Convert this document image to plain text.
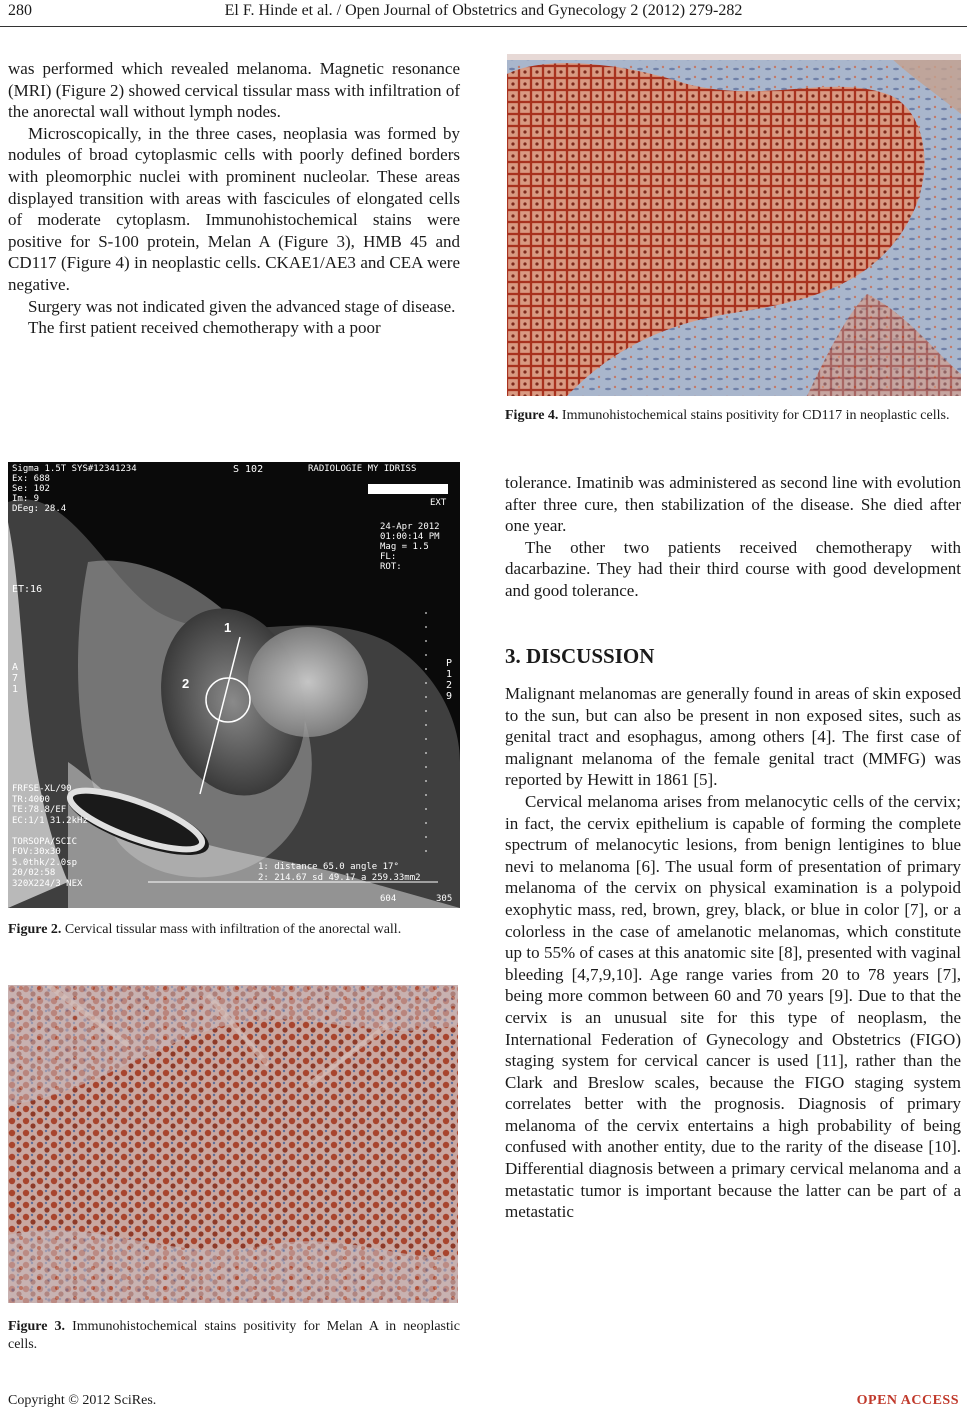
El F. Hinde et al. / Open Journal of Obstetrics and Gynecology 2 (2012) 279-282
280

was performed which revealed melanoma. Magnetic resonance (MRI) (Figure 2) showed cervical tissular mass with infiltration of the anorectal wall without lymph nodes.

Microscopically, in the three cases, neoplasia was formed by nodules of broad cytoplasmic cells with poorly defined borders with pleomorphic nuclei with prominent nucleolar. These areas displayed transition with areas with fascicules of elongated cells of moderate cytoplasm. Immunohistochemical stains were positive for S-100 protein, Melan A (Figure 3), HMB 45 and CD117 (Figure 4) in neoplastic cells. CKAE1/AE3 and CEA were negative.

Surgery was not indicated given the advanced stage of disease.

The first patient received chemotherapy with a poor

Sigma 1.5T SYS#12341234
Ex: 688
Se: 102
Im: 9
DEeg: 28.4
S 102	RADIOLOGIE MY IDRISS
EXT
24-Apr 2012
01:00:14 PM
Mag = 1.5
FL:
ROT:
ET:16
1
2
A
71
P
129
FRFSE-XL/90
TR:4000
TE:78.8/EF
EC:1/1 31.2kHz

TORSOPA/SCIC
FOV:30x30
5.0thk/2.0sp
20/02:58
320X224/3 NEX
1: distance 65.0 angle 17°
2: 214.67 sd 49.17 a 259.33mm2
604	305
Figure 2. Cervical tissular mass with infiltration of the anorectal wall.
Figure 3. Immunohistochemical stains positivity for Melan A in neoplastic cells.
Figure 4. Immunohistochemical stains positivity for CD117 in neoplastic cells.

tolerance. Imatinib was administered as second line with evolution after three cure, then stabilization of the disease. She died after one year.

The other two patients received chemotherapy with dacarbazine. They had their third course with good development and good tolerance.

3. DISCUSSION

Malignant melanomas are generally found in areas of skin exposed to the sun, but can also be present in non exposed sites, such as genital tract and esophagus, among others [4]. The first case of malignant melanoma of the female genital tract (MMFG) was reported by Hewitt in 1861 [5].

Cervical melanoma arises from melanocytic cells of the cervix; in fact, the cervix epithelium is capable of forming the complete spectrum of melanocytic lesions, from benign lentigines to blue nevi to melanoma [6]. The usual form of presentation of primary melanoma of the cervix on physical examination is a polypoid exophytic mass, red, brown, grey, black, or blue in color [7], or a colorless in the case of amelanotic melanomas, which constitute up to 55% of cases at this anatomic site [8], presented with vaginal bleeding [4,7,9,10]. Age range varies from 20 to 78 years [7], being more common between 60 and 70 years [9]. Due to that the cervix is an unusual site for this type of neoplasm, the International Federation of Gynecology and Obstetrics (FIGO) staging system for cervical cancer is used [11], rather than the Clark and Breslow scales, because the FIGO staging system correlates better with the prognosis. Diagnosis of primary melanoma of the cervix entertains a high probability of being confused with another entity, due to the rarity of the disease [10]. Differential diagnosis between a primary cervical melanoma and a metastatic tumor is important because the latter can be part of a metastatic

Copyright © 2012 SciRes.	OPEN ACCESS
